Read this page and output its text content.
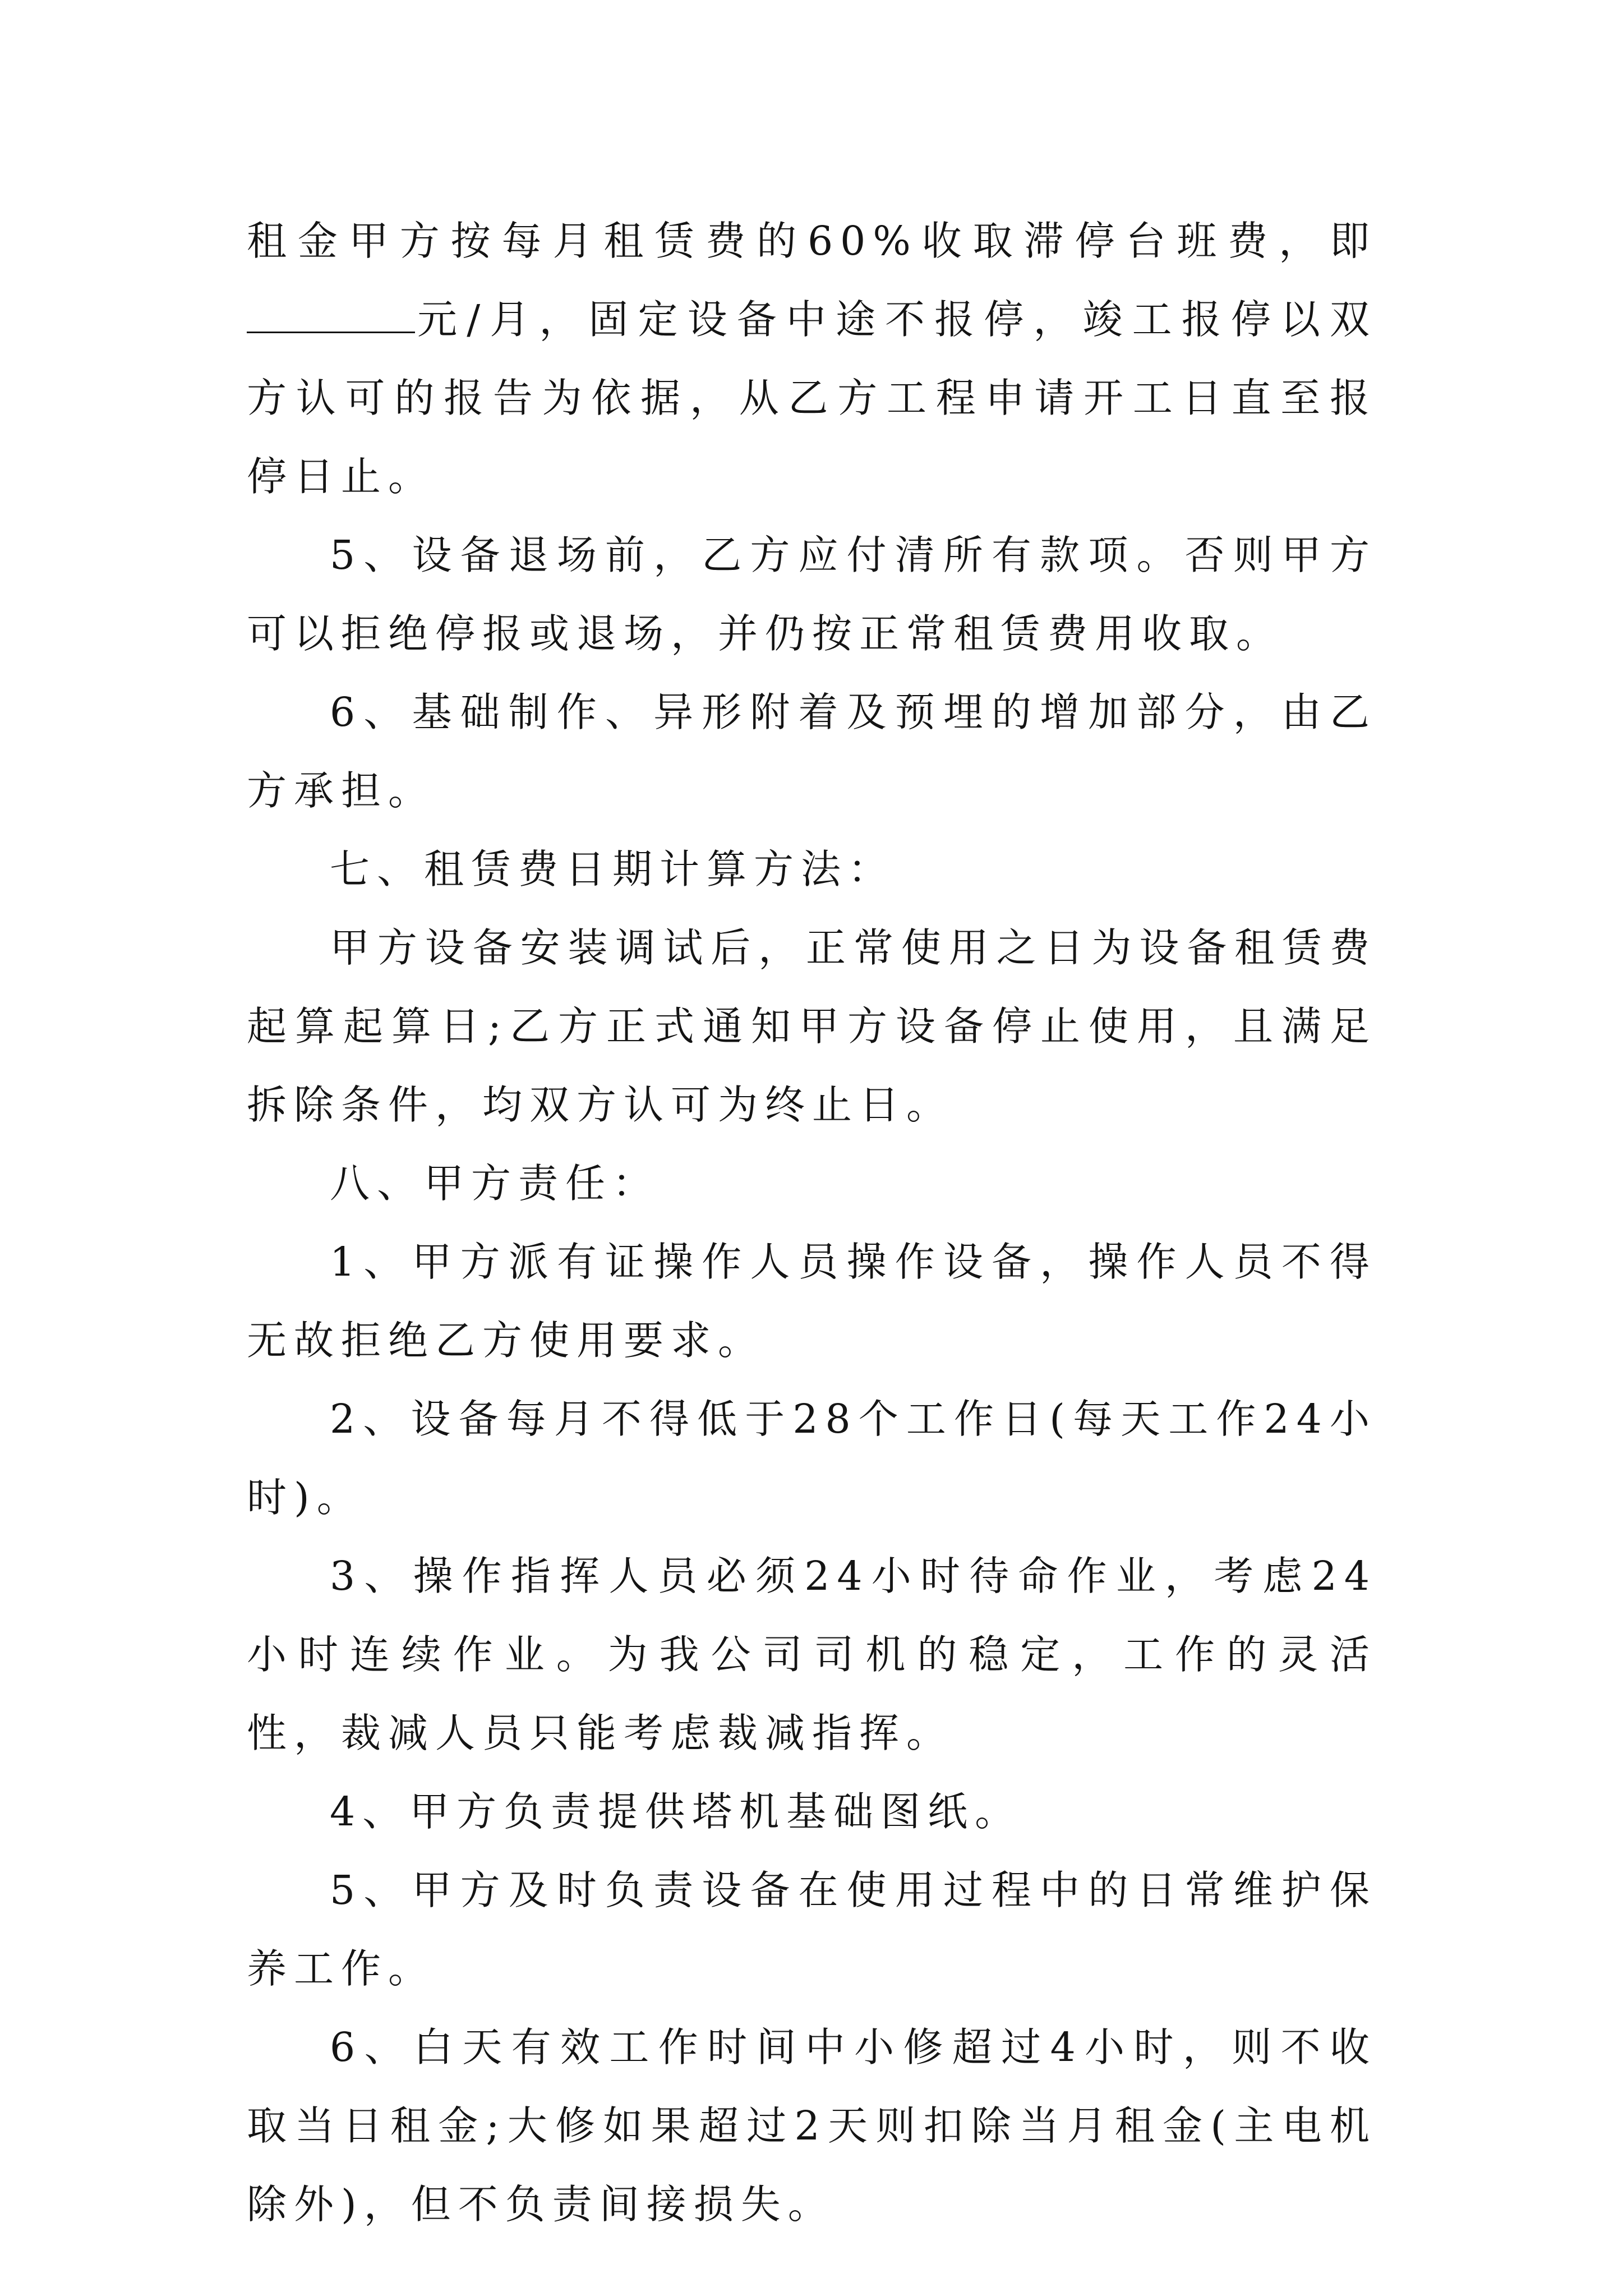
租金甲方按每月租赁费的60%收取滞停台班费，即元/月，固定设备中途不报停，竣工报停以双方认可的报告为依据，从乙方工程申请开工日直至报停日止。

5、设备退场前，乙方应付清所有款项。否则甲方可以拒绝停报或退场，并仍按正常租赁费用收取。

6、基础制作、异形附着及预埋的增加部分，由乙方承担。

七、租赁费日期计算方法：

甲方设备安装调试后，正常使用之日为设备租赁费起算起算日;乙方正式通知甲方设备停止使用，且满足拆除条件，均双方认可为终止日。

八、甲方责任：

1、甲方派有证操作人员操作设备，操作人员不得无故拒绝乙方使用要求。

2、设备每月不得低于28个工作日(每天工作24小时)。

3、操作指挥人员必须24小时待命作业，考虑24小时连续作业。为我公司司机的稳定，工作的灵活性，裁减人员只能考虑裁减指挥。

4、甲方负责提供塔机基础图纸。

5、甲方及时负责设备在使用过程中的日常维护保养工作。

6、白天有效工作时间中小修超过4小时，则不收取当日租金;大修如果超过2天则扣除当月租金(主电机除外)，但不负责间接损失。
